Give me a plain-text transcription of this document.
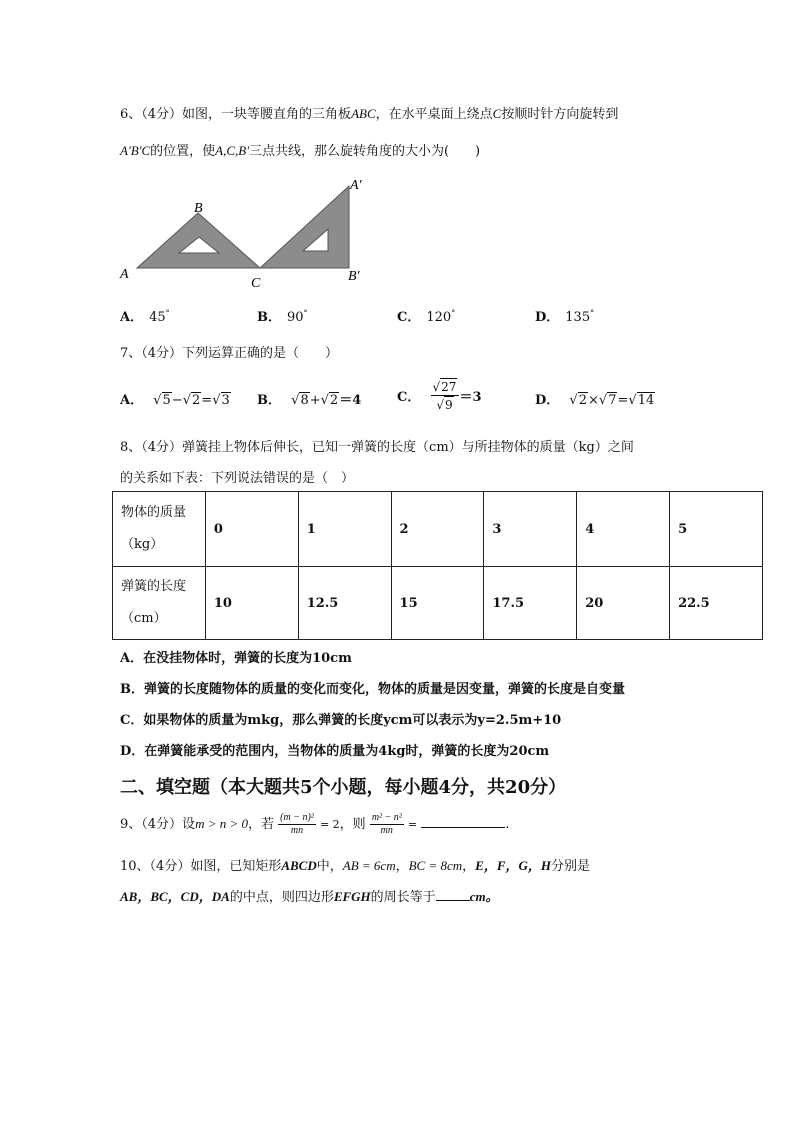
6、（4分）如图，一块等腰直角的三角板ABC，在水平桌面上绕点C按顺时针方向旋转到
A'B'C的位置，使A,C,B'三点共线，那么旋转角度的大小为(　　)
A
B
C
A′
B′
A． 45°	B． 90°	C． 120°	D． 135°
7、（4分）下列运算正确的是（　　）
A． √5−√2=√3 B． √8+√2＝4	C． $\frac{√27}{√9} =3$	D． √2×√7=√14
8、（4分）弹簧挂上物体后伸长，已知一弹簧的长度（cm）与所挂物体的质量（kg）之间
的关系如下表：下列说法错误的是（　）
物体的质量
（kg）	0	1	2	3	4	5
弹簧的长度
（cm）	10	12.5	15	17.5	20	22.5
A．在没挂物体时，弹簧的长度为10cm
B．弹簧的长度随物体的质量的变化而变化，物体的质量是因变量，弹簧的长度是自变量
C．如果物体的质量为mkg，那么弹簧的长度ycm可以表示为y=2.5m+10
D．在弹簧能承受的范围内，当物体的质量为4kg时，弹簧的长度为20cm
二、填空题（本大题共5个小题，每小题4分，共20分）
9、（4分）设m > n > 0，若 $\frac{\text{(m − n)²}}{mn} = 2$，则 $\frac{\text{m² − n²}}{mn}$ =	.
10、（4分）如图，已知矩形ABCD中，AB = 6cm，BC = 8cm，E，F，G，H分别是
AB，BC，CD，DA的中点，则四边形EFGH的周长等于	cm。
